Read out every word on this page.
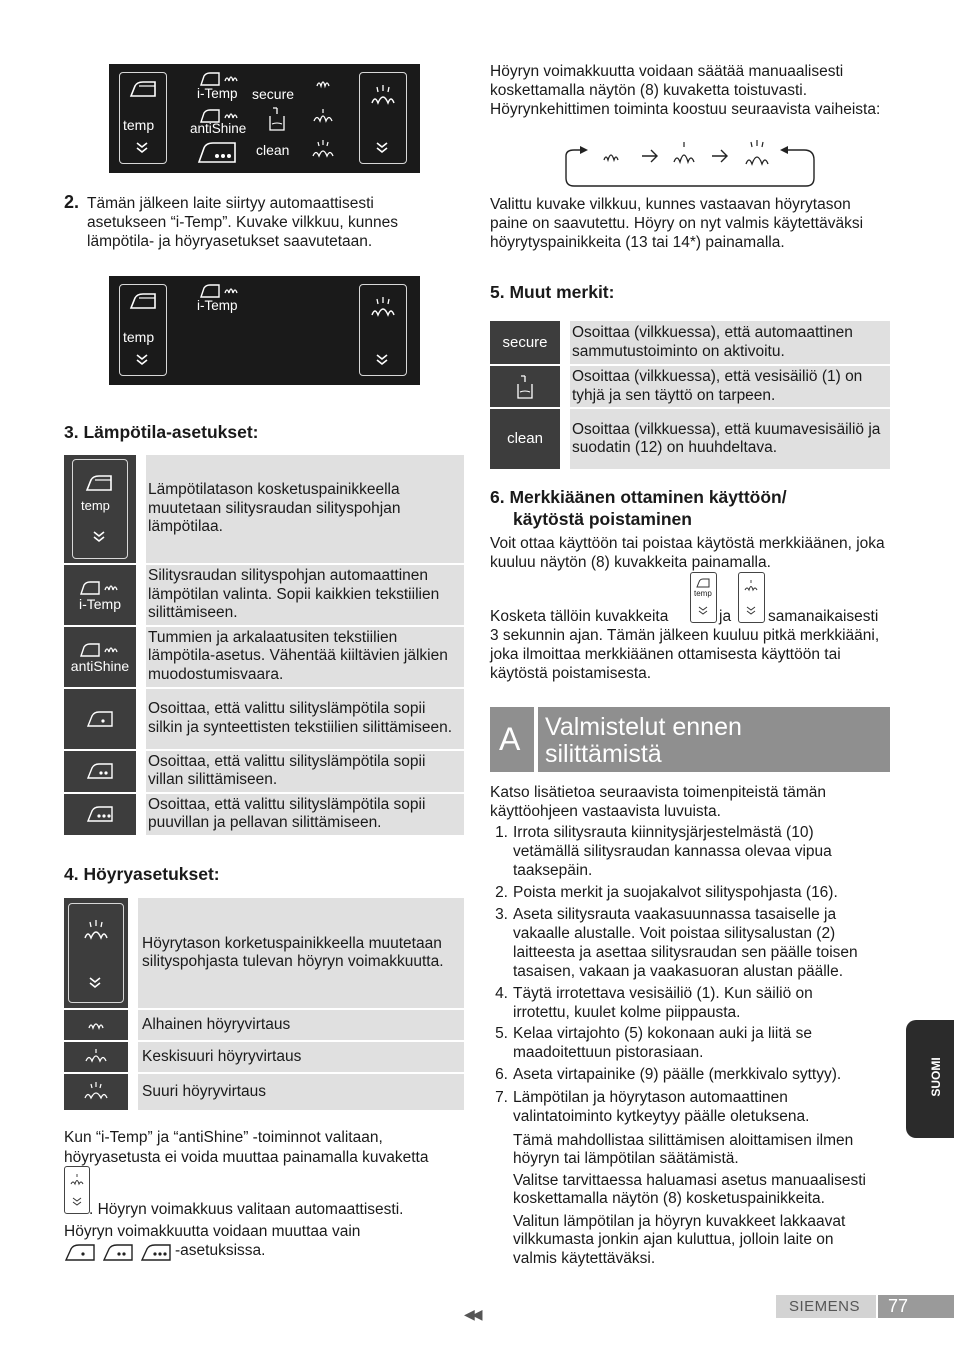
temp
i-Temp
antiShine
secure
clean
2. Tämän jälkeen laite siirtyy automaattisesti asetukseen “i-Temp”. Kuvake vilkkuu, kunnes lämpötila- ja höyryasetukset saavutetaan.
temp
i-Temp
3. Lämpötila-asetukset:
temp	Lämpötilatason kosketuspainikkeella muutetaan silitysraudan silityspohjan lämpötilaa.

i-Temp	Silitysraudan silityspohjan automaattinen lämpötilan valinta. Sopii kaikkien tekstiilien silittämiseen.

antiShine	Tummien ja arkalaatusiten tekstiilien lämpötila-asetus. Vähentää kiiltävien jälkien muodostumisvaara.

	Osoittaa, että valittu silityslämpötila sopii silkin ja synteettisten tekstiilien silittämiseen.

	Osoittaa, että valittu silityslämpötila sopii villan silittämiseen.

	Osoittaa, että valittu silityslämpötila sopii puuvillan ja pellavan silittämiseen.
4. Höyryasetukset:
	Höyrytason korketuspainikkeella muutetaan silityspohjasta tulevan höyryn voimakkuutta.

	Alhainen höyryvirtaus

	Keskisuuri höyryvirtaus

	Suuri höyryvirtaus
Kun “i-Temp” ja “antiShine” -toiminnot valitaan,
höyryasetusta ei voida muuttaa painamalla kuvaketta
. Höyryn voimakkuus valitaan automaattisesti.
Höyryn voimakkuutta voidaan muuttaa vain
-asetuksissa.
Höyryn voimakkuutta voidaan säätää manuaalisesti koskettamalla näytön (8) kuvaketta toistuvasti. Höyrynkehittimen toiminta koostuu seuraavista vaiheista:
Valittu kuvake vilkkuu, kunnes vastaavan höyrytason paine on saavutettu. Höyry on nyt valmis käytettäväksi höyrytyspainikkeita (13 tai 14*) painamalla.
5. Muut merkit:
secure	Osoittaa (vilkkuessa), että automaattinen sammutustoiminto on aktivoitu.

	Osoittaa (vilkkuessa), että vesisäiliö (1) on tyhjä ja sen täyttö on tarpeen.
clean	Osoittaa (vilkkuessa), että kuumavesisäiliö ja suodatin (12) on huuhdeltava.
6. Merkkiäänen ottaminen käyttöön/
käytöstä poistaminen
Voit ottaa käyttöön tai poistaa käytöstä merkkiäänen, joka kuuluu näytön (8) kuvakkeita painamalla.
Kosketa tällöin kuvakkeita
temp
ja samanaikaisesti
3 sekunnin ajan. Tämän jälkeen kuuluu pitkä merkkiääni, joka ilmoittaa merkkiäänen ottamisesta käyttöön tai käytöstä poistamisesta.
A Valmistelut ennen
silittämistä
Katso lisätietoa seuraavista toimenpiteistä tämän käyttöohjeen vastaavista luvuista.
1. Irrota silitysrauta kiinnitysjärjestelmästä (10)
vetämällä silitysraudan kannassa olevaa vipua
taaksepäin.
2. Poista merkit ja suojakalvot silityspohjasta (16).
3. Aseta silitysrauta vaakasuunnassa tasaiselle ja
vakaalle alustalle. Voit poistaa silitysalustan (2)
laitteesta ja asettaa silitysraudan sen päälle toisen
tasaisen, vakaan ja vaakasuoran alustan päälle.
4. Täytä irrotettava vesisäiliö (1). Kun säiliö on
irrotettu, kuulet kolme piippausta.
5. Kelaa virtajohto (5) kokonaan auki ja liitä se
maadoitettuun pistorasiaan.
6. Aseta virtapainike (9) päälle (merkkivalo syttyy).
7. Lämpötilan ja höyrytason automaattinen
valintatoiminto kytkeytyy päälle oletuksena.
Tämä mahdollistaa silittämisen aloittamisen ilmen
höyryn tai lämpötilan säätämistä.
Valitse tarvittaessa haluamasi asetus manuaalisesti
koskettamalla näytön (8) kosketuspainikkeita.
Valitun lämpötilan ja höyryn kuvakkeet lakkaavat
vilkkumasta jonkin ajan kuluttua, jolloin laite on
valmis käytettäväksi.
SUOMI
◀◀	SIEMENS 77
